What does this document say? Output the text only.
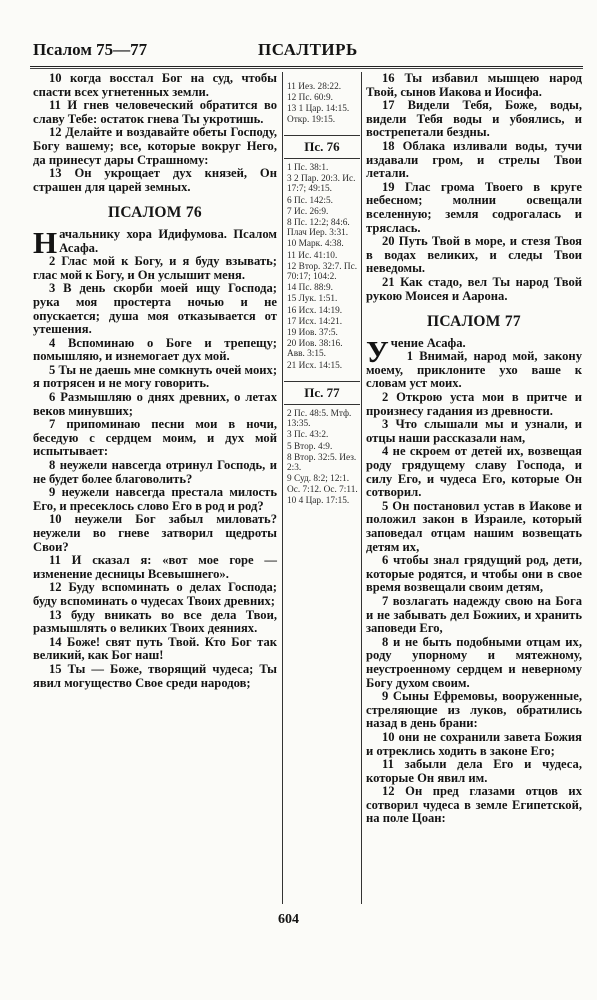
Псалом 75—77	ПСАЛТИРЬ

10 когда восстал Бог на суд, чтобы спасти всех угнетенных земли.

11 И гнев человеческий обратится во славу Тебе: остаток гнева Ты укротишь.

12 Делайте и воздавайте обеты Господу, Богу вашему; все, которые вокруг Него, да принесут дары Страшному:

13 Он укрощает дух князей, Он страшен для царей земных.

ПСАЛОМ 76

Начальнику хора Идифумова. Псалом Асафа.

2 Глас мой к Богу, и я буду взывать; глас мой к Богу, и Он услышит меня.

3 В день скорби моей ищу Господа; рука моя простерта ночью и не опускается; душа моя отказывается от утешения.

4 Вспоминаю о Боге и трепещу; помышляю, и изнемогает дух мой.

5 Ты не даешь мне сомкнуть очей моих; я потрясен и не могу говорить.

6 Размышляю о днях древних, о летах веков минувших;

7 припоминаю песни мои в ночи, беседую с сердцем моим, и дух мой испытывает:

8 неужели навсегда отринул Господь, и не будет более благоволить?

9 неужели навсегда престала милость Его, и пресеклось слово Его в род и род?

10 неужели Бог забыл миловать? неужели во гневе затворил щедроты Свои?

11 И сказал я: «вот мое горе — изменение десницы Всевышнего».

12 Буду вспоминать о делах Господа; буду вспоминать о чудесах Твоих древних;

13 буду вникать во все дела Твои, размышлять о великих Твоих деяниях.

14 Боже! свят путь Твой. Кто Бог так великий, как Бог наш!

15 Ты — Боже, творящий чудеса; Ты явил могущество Свое среди народов;

11 Иез. 28:22.
12 Пс. 60:9.
13 1 Цар. 14:15. Откр. 19:15.
Пс. 76
1 Пс. 38:1.
3 2 Пар. 20:3. Ис. 17:7; 49:15.
6 Пс. 142:5.
7 Ис. 26:9.
8 Пс. 12:2; 84:6. Плач Иер. 3:31.
10 Марк. 4:38.
11 Ис. 41:10.
12 Втор. 32:7. Пс. 70:17; 104:2.
14 Пс. 88:9.
15 Лук. 1:51.
16 Исх. 14:19.
17 Исх. 14:21.
19 Иов. 37:5.
20 Иов. 38:16. Авв. 3:15.
21 Исх. 14:15.
Пс. 77
2 Пс. 48:5. Мтф. 13:35.
3 Пс. 43:2.
5 Втор. 4:9.
8 Втор. 32:5. Иез. 2:3.
9 Суд. 8:2; 12:1. Ос. 7:12. Ос. 7:11.
10 4 Цар. 17:15.

16 Ты избавил мышцею народ Твой, сынов Иакова и Иосифа.

17 Видели Тебя, Боже, воды, видели Тебя воды и убоялись, и вострепетали бездны.

18 Облака изливали воды, тучи издавали гром, и стрелы Твои летали.

19 Глас грома Твоего в круге небесном; молнии освещали вселенную; земля содрогалась и тряслась.

20 Путь Твой в море, и стезя Твоя в водах великих, и следы Твои неведомы.

21 Как стадо, вел Ты народ Твой рукою Моисея и Аарона.

ПСАЛОМ 77

Учение Асафа.

1 Внимай, народ мой, закону моему, приклоните ухо ваше к словам уст моих.

2 Открою уста мои в притче и произнесу гадания из древности.

3 Что слышали мы и узнали, и отцы наши рассказали нам,

4 не скроем от детей их, возвещая роду грядущему славу Господа, и силу Его, и чудеса Его, которые Он сотворил.

5 Он постановил устав в Иакове и положил закон в Израиле, который заповедал отцам нашим возвещать детям их,

6 чтобы знал грядущий род, дети, которые родятся, и чтобы они в свое время возвещали своим детям,

7 возлагать надежду свою на Бога и не забывать дел Божиих, и хранить заповеди Его,

8 и не быть подобными отцам их, роду упорному и мятежному, неустроенному сердцем и неверному Богу духом своим.

9 Сыны Ефремовы, вооруженные, стреляющие из луков, обратились назад в день брани:

10 они не сохранили завета Божия и отреклись ходить в законе Его;

11 забыли дела Его и чудеса, которые Он явил им.

12 Он пред глазами отцов их сотворил чудеса в земле Египетской, на поле Цоан:

604
